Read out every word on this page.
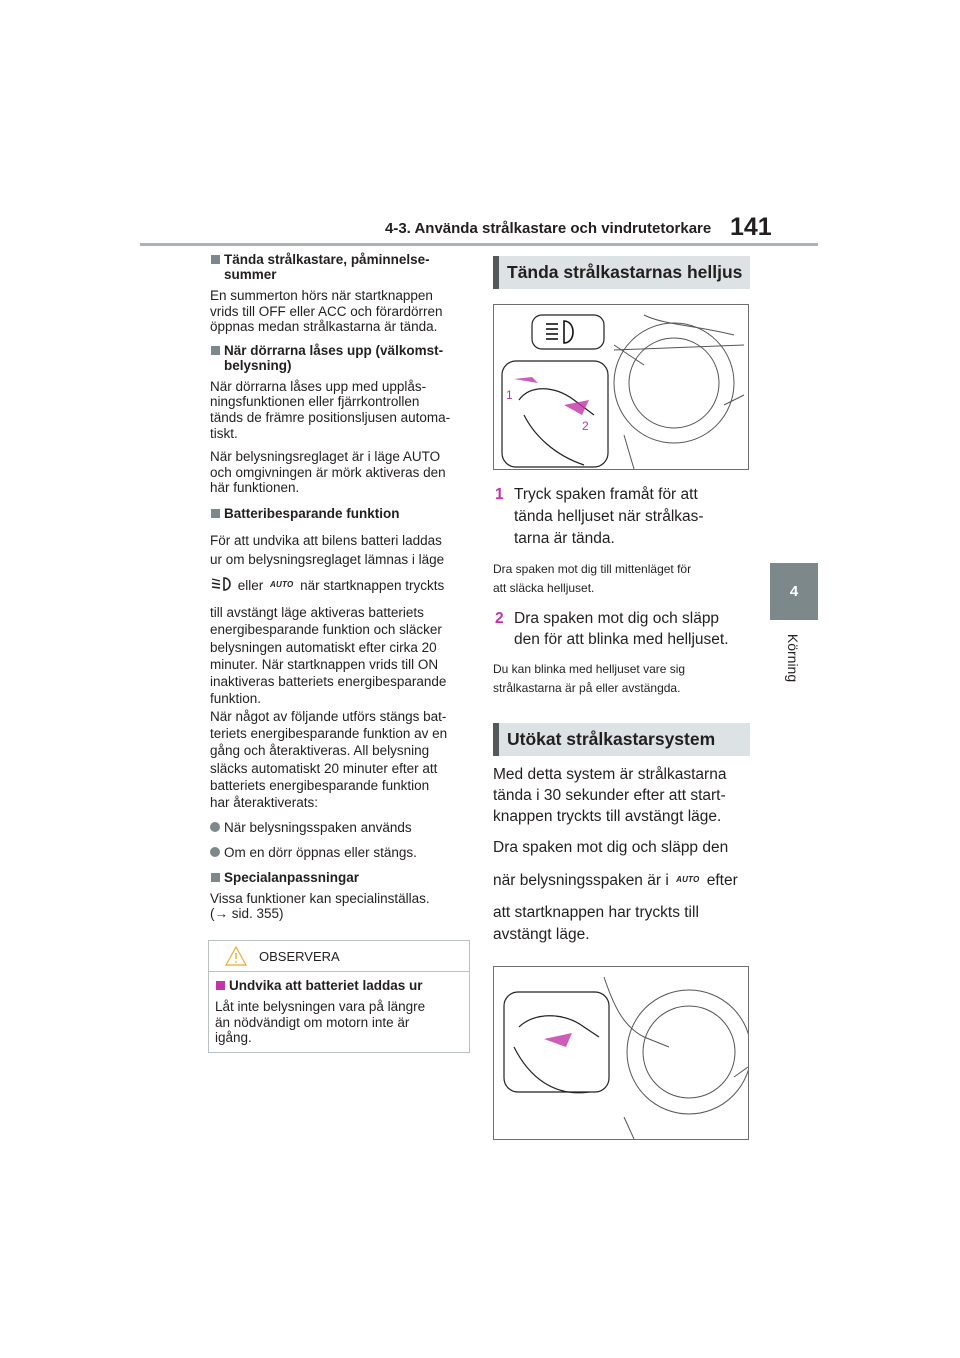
4-3. Använda strålkastare och vindrutetorkare 141
4
Körning
Tända strålkastare, påminnelse-
summer
En summerton hörs när startknappen
vrids till OFF eller ACC och förardörren
öppnas medan strålkastarna är tända.
När dörrarna låses upp (välkomst-
belysning)
När dörrarna låses upp med upplås-
ningsfunktionen eller fjärrkontrollen
tänds de främre positionsljusen automa-
tiskt.
När belysningsreglaget är i läge AUTO
och omgivningen är mörk aktiveras den
här funktionen.
Batteribesparande funktion
För att undvika att bilens batteri laddas
ur om belysningsreglaget lämnas i läge
eller AUTO när startknappen tryckts
till avstängt läge aktiveras batteriets
energibesparande funktion och släcker
belysningen automatiskt efter cirka 20
minuter. När startknappen vrids till ON
inaktiveras batteriets energibesparande
funktion.
När något av följande utförs stängs bat-
teriets energibesparande funktion av en
gång och återaktiveras. All belysning
släcks automatiskt 20 minuter efter att
batteriets energibesparande funktion
har återaktiverats:
När belysningsspaken används
Om en dörr öppnas eller stängs.
Specialanpassningar
Vissa funktioner kan specialinställas.
(→ sid. 355)
OBSERVERA
Undvika att batteriet laddas ur
Låt inte belysningen vara på längre
än nödvändigt om motorn inte är
igång.
Tända strålkastarnas helljus
1
2
1 Tryck spaken framåt för att
tända helljuset när strålkas-
tarna är tända.
Dra spaken mot dig till mittenläget för
att släcka helljuset.
2 Dra spaken mot dig och släpp
den för att blinka med helljuset.
Du kan blinka med helljuset vare sig
strålkastarna är på eller avstängda.
Utökat strålkastarsystem
Med detta system är strålkastarna
tända i 30 sekunder efter att start-
knappen tryckts till avstängt läge.
Dra spaken mot dig och släpp den
när belysningsspaken är i AUTO efter
att startknappen har tryckts till
avstängt läge.
